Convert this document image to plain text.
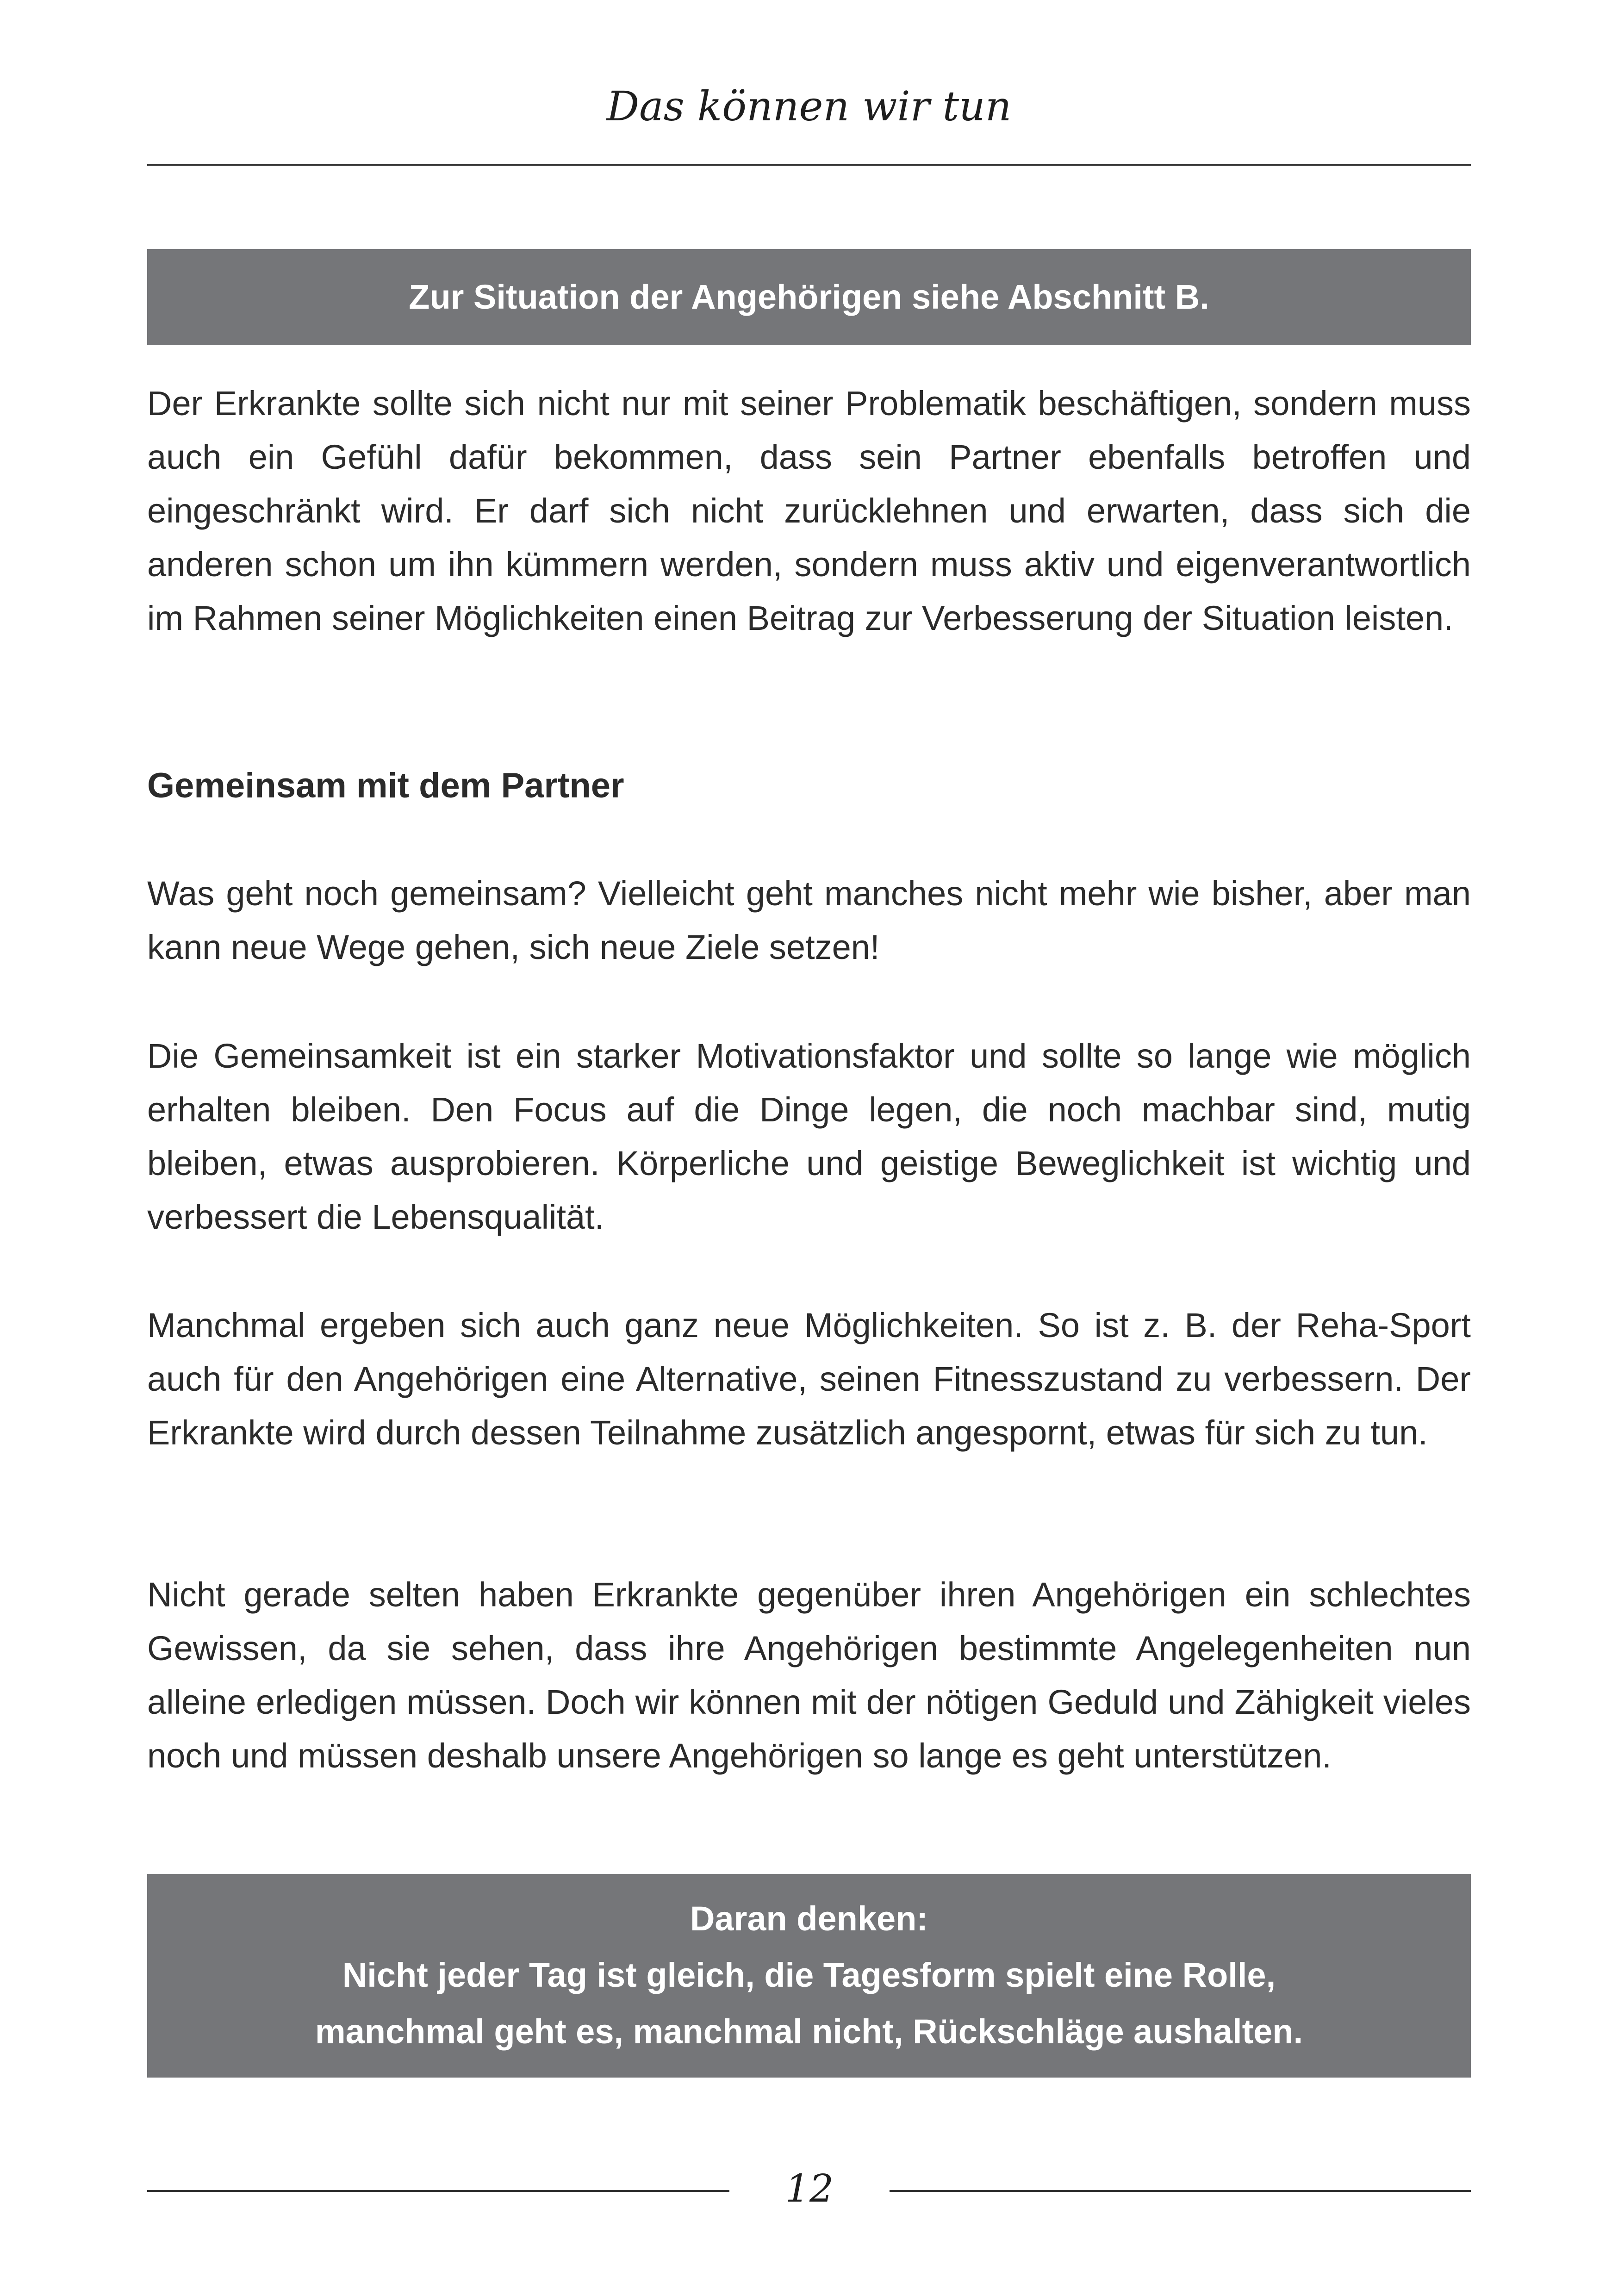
Das können wir tun
Zur Situation der Angehörigen siehe Abschnitt B.
Der Erkrankte sollte sich nicht nur mit seiner Problematik beschäftigen, sondern muss auch ein Gefühl dafür bekommen, dass sein Partner ebenfalls betroffen und eingeschränkt wird. Er darf sich nicht zurücklehnen und erwarten, dass sich die anderen schon um ihn kümmern werden, sondern muss aktiv und eigenverantwortlich im Rahmen seiner Möglichkeiten einen Beitrag zur Verbesserung der Situation leisten.
Gemeinsam mit dem Partner
Was geht noch gemeinsam? Vielleicht geht manches nicht mehr wie bisher, aber man kann neue Wege gehen, sich neue Ziele setzen!
Die Gemeinsamkeit ist ein starker Motivationsfaktor und sollte so lange wie möglich erhalten bleiben. Den Focus auf die Dinge legen, die noch machbar sind, mutig bleiben, etwas ausprobieren. Körperliche und geistige Beweglichkeit ist wichtig und verbessert die Lebensqualität.
Manchmal ergeben sich auch ganz neue Möglichkeiten. So ist z. B. der Reha-Sport auch für den Angehörigen eine Alternative, seinen Fitnesszustand zu verbessern. Der Erkrankte wird durch dessen Teilnahme zusätzlich angespornt, etwas für sich zu tun.
Nicht gerade selten haben Erkrankte gegenüber ihren Angehörigen ein schlechtes Gewissen, da sie sehen, dass ihre Angehörigen bestimmte Angelegenheiten nun alleine erledigen müssen. Doch wir können mit der nötigen Geduld und Zähigkeit vieles noch und müssen deshalb unsere Angehörigen so lange es geht unterstützen.
Daran denken:
Nicht jeder Tag ist gleich, die Tagesform spielt eine Rolle,
manchmal geht es, manchmal nicht, Rückschläge aushalten.
12
